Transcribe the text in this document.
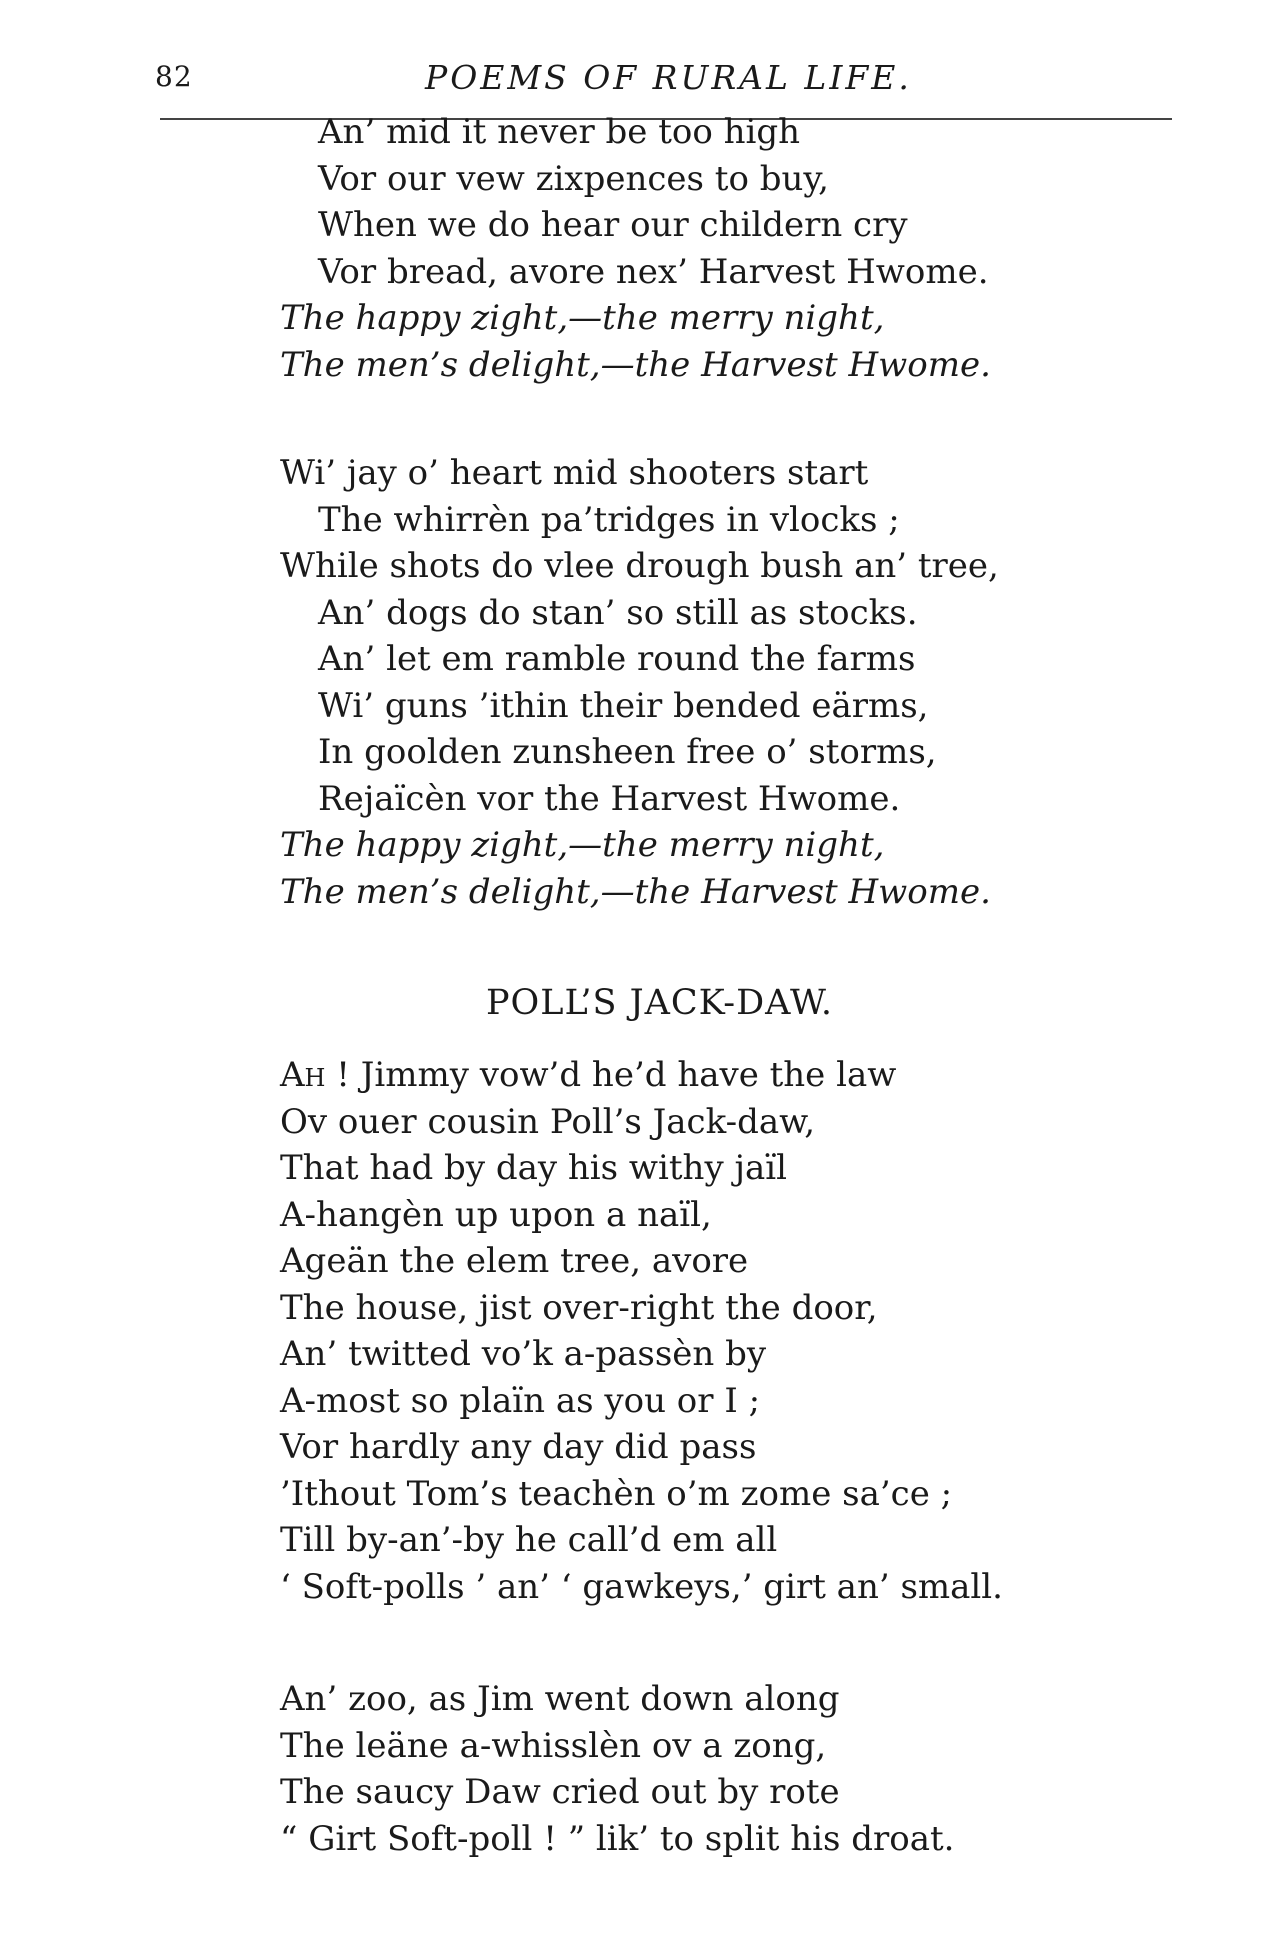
82	POEMS OF RURAL LIFE.
An’ mid it never be too high
Vor our vew zixpences to buy,
When we do hear our childern cry
Vor bread, avore nex’ Harvest Hwome.
The happy zight,—the merry night,
The men’s delight,—the Harvest Hwome.
Wi’ jay o’ heart mid shooters start
The whirrèn pa’tridges in vlocks ;
While shots do vlee drough bush an’ tree,
An’ dogs do stan’ so still as stocks.
An’ let em ramble round the farms
Wi’ guns ’ithin their bended eärms,
In goolden zunsheen free o’ storms,
Rejaïcèn vor the Harvest Hwome.
The happy zight,—the merry night,
The men’s delight,—the Harvest Hwome.
POLL’S JACK-DAW.
Ah ! Jimmy vow’d he’d have the law
Ov ouer cousin Poll’s Jack-daw,
That had by day his withy jaïl
A-hangèn up upon a naïl,
Ageän the elem tree, avore
The house, jist over-right the door,
An’ twitted vo’k a-passèn by
A-most so plaïn as you or I ;
Vor hardly any day did pass
’Ithout Tom’s teachèn o’m zome sa’ce ;
Till by-an’-by he call’d em all
‘ Soft-polls ’ an’ ‘ gawkeys,’ girt an’ small.
An’ zoo, as Jim went down along
The leäne a-whisslèn ov a zong,
The saucy Daw cried out by rote
“ Girt Soft-poll ! ” lik’ to split his droat.
